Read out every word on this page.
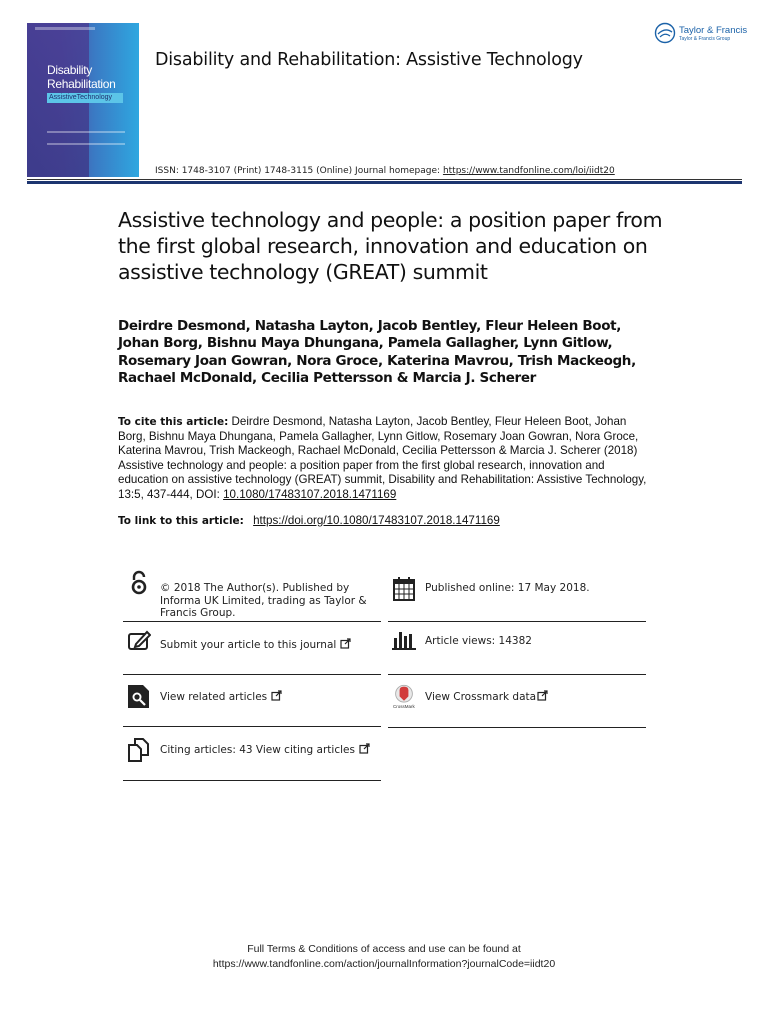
Disability
Rehabilitation
AssistiveTechnology
Disability and Rehabilitation: Assistive Technology
ISSN: 1748-3107 (Print) 1748-3115 (Online) Journal homepage: https://www.tandfonline.com/loi/iidt20
Taylor & Francis
Taylor & Francis Group
Assistive technology and people: a position paper from the first global research, innovation and education on assistive technology (GREAT) summit
Deirdre Desmond, Natasha Layton, Jacob Bentley, Fleur Heleen Boot, Johan Borg, Bishnu Maya Dhungana, Pamela Gallagher, Lynn Gitlow, Rosemary Joan Gowran, Nora Groce, Katerina Mavrou, Trish Mackeogh, Rachael McDonald, Cecilia Pettersson & Marcia J. Scherer
To cite this article: Deirdre Desmond, Natasha Layton, Jacob Bentley, Fleur Heleen Boot, Johan Borg, Bishnu Maya Dhungana, Pamela Gallagher, Lynn Gitlow, Rosemary Joan Gowran, Nora Groce, Katerina Mavrou, Trish Mackeogh, Rachael McDonald, Cecilia Pettersson & Marcia J. Scherer (2018) Assistive technology and people: a position paper from the first global research, innovation and education on assistive technology (GREAT) summit, Disability and Rehabilitation: Assistive Technology, 13:5, 437-444, DOI: 10.1080/17483107.2018.1471169
To link to this article: https://doi.org/10.1080/17483107.2018.1471169
© 2018 The Author(s). Published by Informa UK Limited, trading as Taylor & Francis Group.
Published online: 17 May 2018.
Submit your article to this journal	Article views: 14382
View related articles
CrossMark
View Crossmark data
Citing articles: 43 View citing articles
Full Terms & Conditions of access and use can be found at
https://www.tandfonline.com/action/journalInformation?journalCode=iidt20
